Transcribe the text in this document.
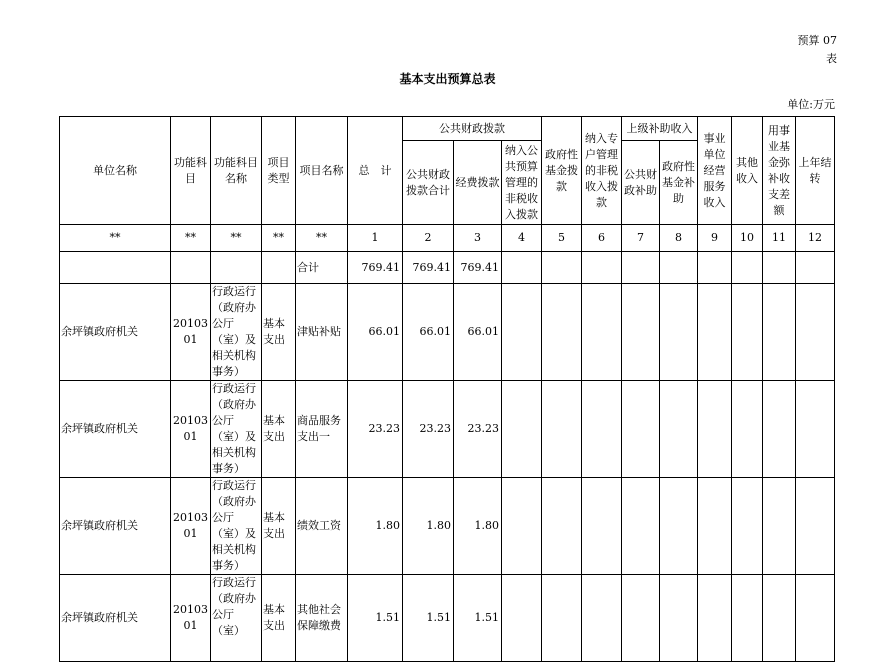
预算 07
表
基本支出预算总表
单位:万元
单位名称	功能科目	功能科目名称	项目类型	项目名称	总　计	公共财政拨款			政府性基金拨款	纳入专户管理的非税收入拨款	上级补助收入		事业单位经营服务收入	其他收入	用事业基金弥补收支差额	上年结转
						公共财政拨款合计	经费拨款	纳入公共预算管理的非税收入拨款			公共财政补助	政府性基金补助				
**	**	**	**	**	1	2	3	4	5	6	7	8	9	10	11	12
				合计	769.41	769.41	769.41									
余坪镇政府机关	2010301	行政运行（政府办公厅（室）及相关机构事务）	基本支出	津贴补贴	66.01	66.01	66.01									
余坪镇政府机关	2010301	行政运行（政府办公厅（室）及相关机构事务）	基本支出	商品服务支出一	23.23	23.23	23.23									
余坪镇政府机关	2010301	行政运行（政府办公厅（室）及相关机构事务）	基本支出	绩效工资	1.80	1.80	1.80									
余坪镇政府机关	2010301	行政运行（政府办公厅（室）	基本支出	其他社会保障缴费	1.51	1.51	1.51									
